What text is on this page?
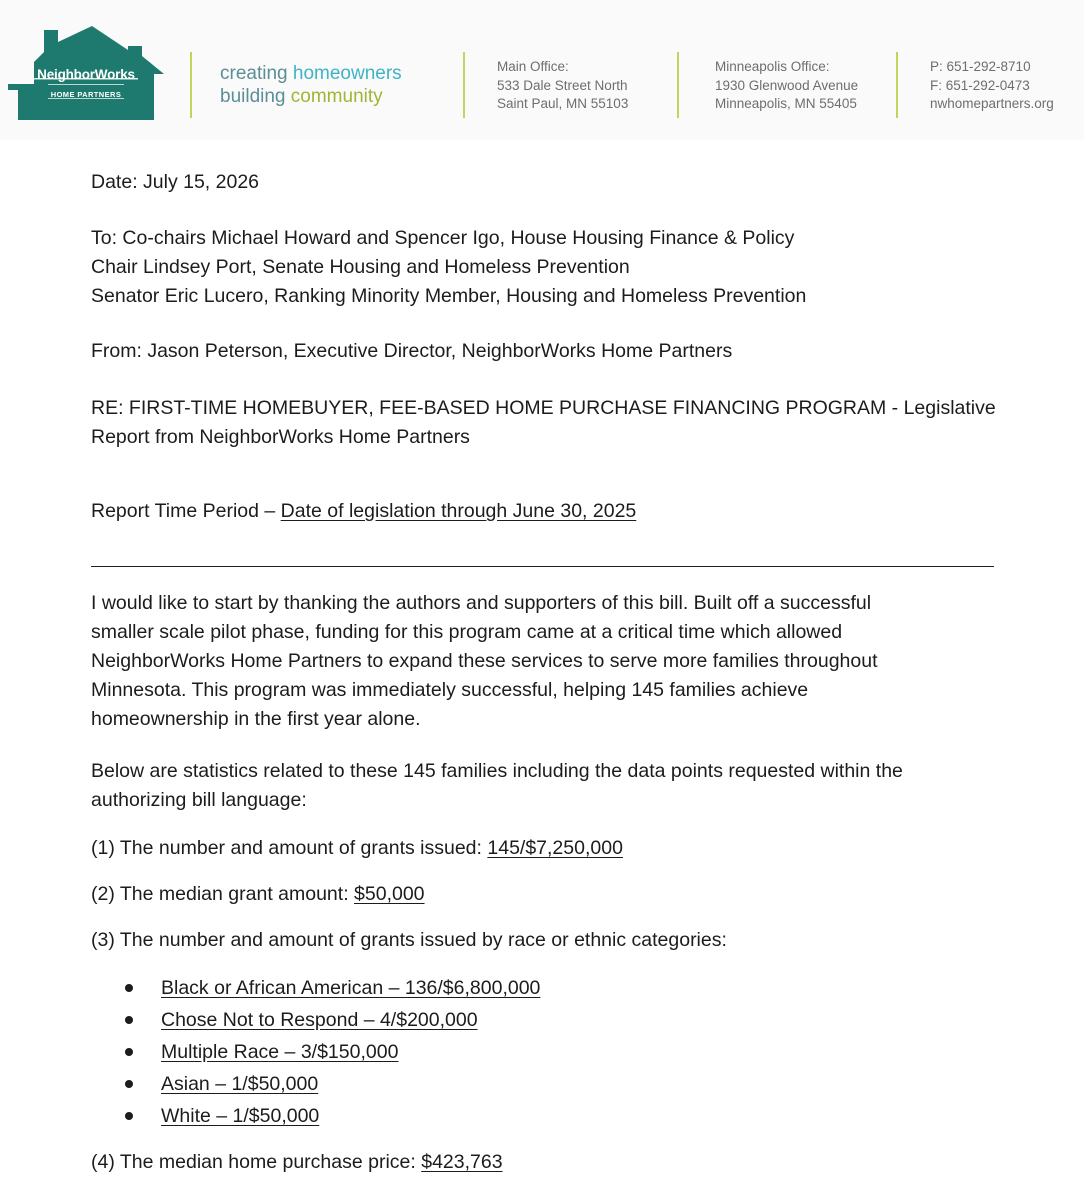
NeighborWorks
HOME PARTNERS
creating homeowners
building community
Main Office:
533 Dale Street North
Saint Paul, MN 55103
Minneapolis Office:
1930 Glenwood Avenue
Minneapolis, MN 55405
P: 651-292-8710
F: 651-292-0473
nwhomepartners.org
Date: July 15, 2026

To: Co-chairs Michael Howard and Spencer Igo, House Housing Finance & Policy

Chair Lindsey Port, Senate Housing and Homeless Prevention

Senator Eric Lucero, Ranking Minority Member, Housing and Homeless Prevention

From: Jason Peterson, Executive Director, NeighborWorks Home Partners

RE: FIRST-TIME HOMEBUYER, FEE-BASED HOME PURCHASE FINANCING PROGRAM - Legislative

Report from NeighborWorks Home Partners

Report Time Period – Date of legislation through June 30, 2025

I would like to start by thanking the authors and supporters of this bill. Built off a successful

smaller scale pilot phase, funding for this program came at a critical time which allowed

NeighborWorks Home Partners to expand these services to serve more families throughout

Minnesota. This program was immediately successful, helping 145 families achieve

homeownership in the first year alone.

Below are statistics related to these 145 families including the data points requested within the

authorizing bill language:

(1) The number and amount of grants issued: 145/$7,250,000
(2) The median grant amount: $50,000
(3) The number and amount of grants issued by race or ethnic categories:
Black or African American – 136/$6,800,000
Chose Not to Respond – 4/$200,000
Multiple Race – 3/$150,000
Asian – 1/$50,000
White – 1/$50,000
(4) The median home purchase price: $423,763
